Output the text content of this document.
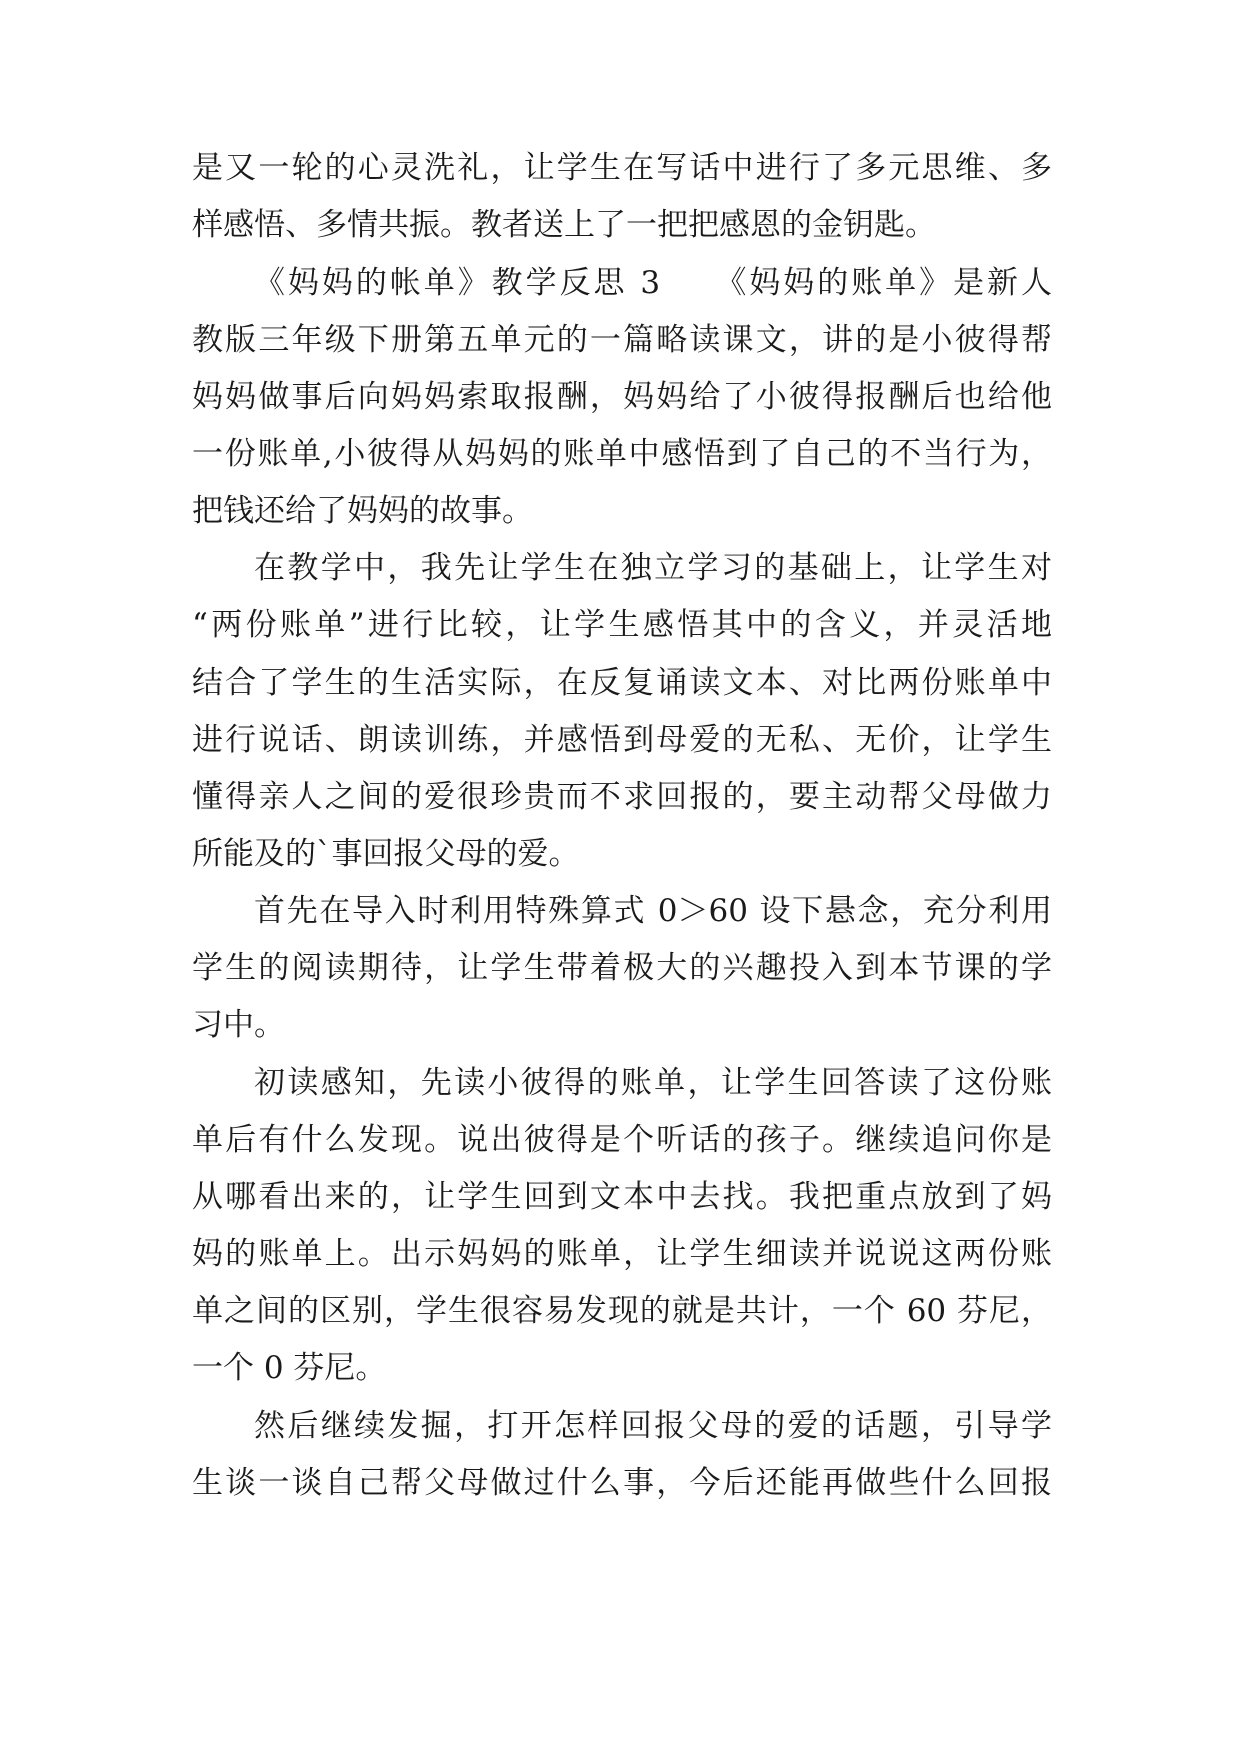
是又一轮的心灵洗礼，让学生在写话中进行了多元思维、多
样感悟、多情共振。教者送上了一把把感恩的金钥匙。
《妈妈的帐单》教学反思 3　　《妈妈的账单》是新人
教版三年级下册第五单元的一篇略读课文，讲的是小彼得帮
妈妈做事后向妈妈索取报酬，妈妈给了小彼得报酬后也给他
一份账单,小彼得从妈妈的账单中感悟到了自己的不当行为，
把钱还给了妈妈的故事。
在教学中，我先让学生在独立学习的基础上，让学生对
“两份账单”进行比较，让学生感悟其中的含义，并灵活地
结合了学生的生活实际，在反复诵读文本、对比两份账单中
进行说话、朗读训练，并感悟到母爱的无私、无价，让学生
懂得亲人之间的爱很珍贵而不求回报的，要主动帮父母做力
所能及的`事回报父母的爱。
首先在导入时利用特殊算式 0＞60 设下悬念，充分利用
学生的阅读期待，让学生带着极大的兴趣投入到本节课的学
习中。
初读感知，先读小彼得的账单，让学生回答读了这份账
单后有什么发现。说出彼得是个听话的孩子。继续追问你是
从哪看出来的，让学生回到文本中去找。我把重点放到了妈
妈的账单上。出示妈妈的账单，让学生细读并说说这两份账
单之间的区别，学生很容易发现的就是共计，一个 60 芬尼，
一个 0 芬尼。
然后继续发掘，打开怎样回报父母的爱的话题，引导学
生谈一谈自己帮父母做过什么事，今后还能再做些什么回报
